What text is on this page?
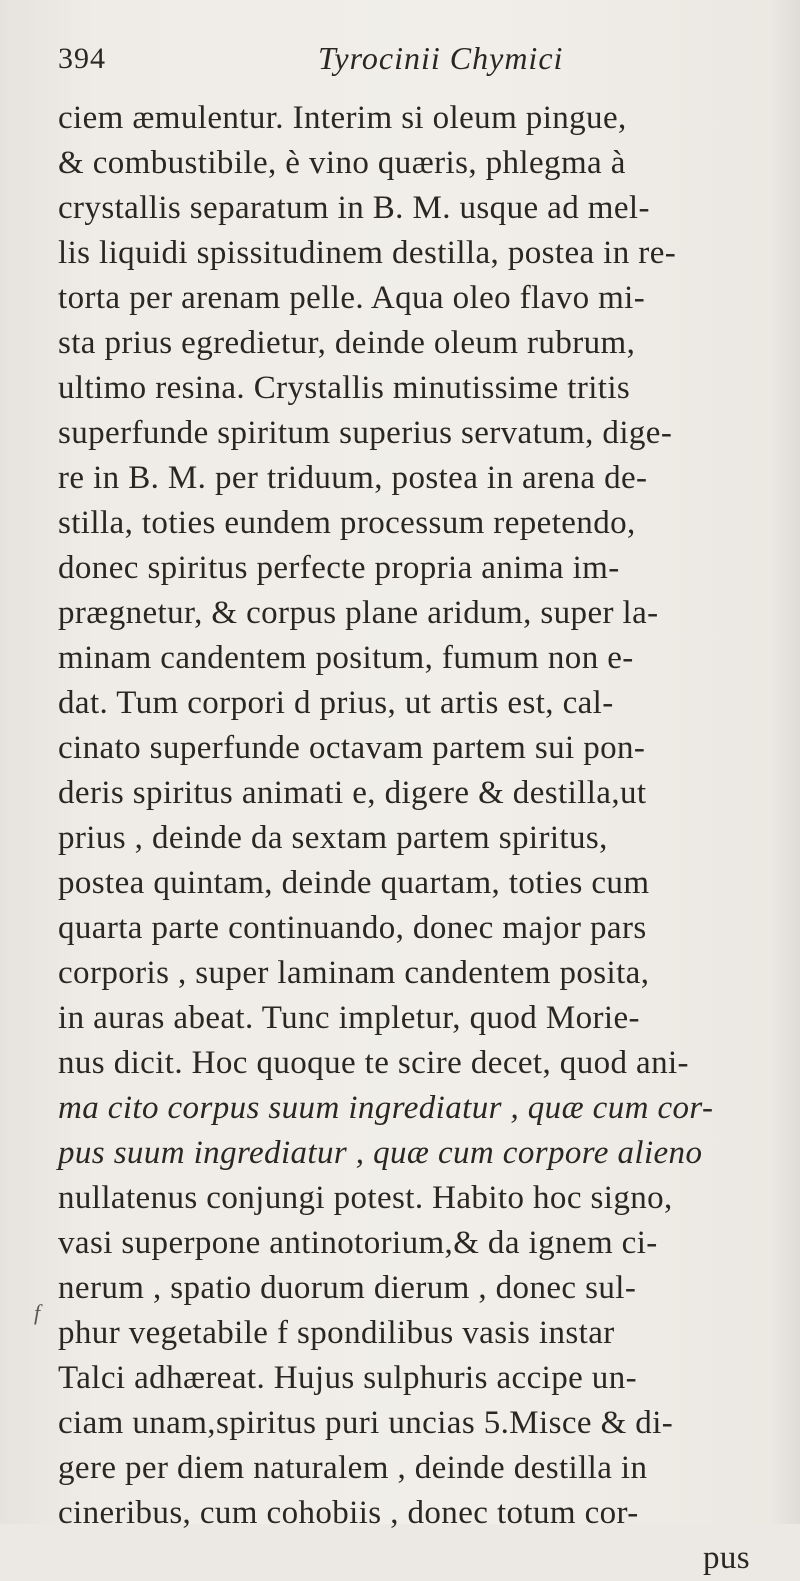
394	Tyrocinii Chymici
ciem æmulentur. Interim si oleum pingue,
& combustibile, è vino quæris, phlegma à
crystallis separatum in B. M. usque ad mel-
lis liquidi spissitudinem destilla, postea in re-
torta per arenam pelle. Aqua oleo flavo mi-
sta prius egredietur, deinde oleum rubrum,
ultimo resina. Crystallis minutissime tritis
superfunde spiritum superius servatum, dige-
re in B. M. per triduum, postea in arena de-
stilla, toties eundem processum repetendo,
donec spiritus perfecte propria anima im-
prægnetur, & corpus plane aridum, super la-
minam candentem positum, fumum non e-
dat. Tum corpori d prius, ut artis est, cal-
cinato superfunde octavam partem sui pon-
deris spiritus animati e, digere & destilla,ut
prius , deinde da sextam partem spiritus,
postea quintam, deinde quartam, toties cum
quarta parte continuando, donec major pars
corporis , super laminam candentem posita,
in auras abeat. Tunc impletur, quod Morie-
nus dicit. Hoc quoque te scire decet, quod ani-
ma cito corpus suum ingrediatur , quæ cum cor-
pus suum ingrediatur , quæ cum corpore alieno
nullatenus conjungi potest. Habito hoc signo,
vasi superpone antinotorium,& da ignem ci-
nerum , spatio duorum dierum , donec sul-
phur vegetabile f spondilibus vasis instar
Talci adhæreat. Hujus sulphuris accipe un-
ciam unam,spiritus puri uncias 5.Misce & di-
gere per diem naturalem , deinde destilla in
cineribus, cum cohobiis , donec totum cor-
pus
f
